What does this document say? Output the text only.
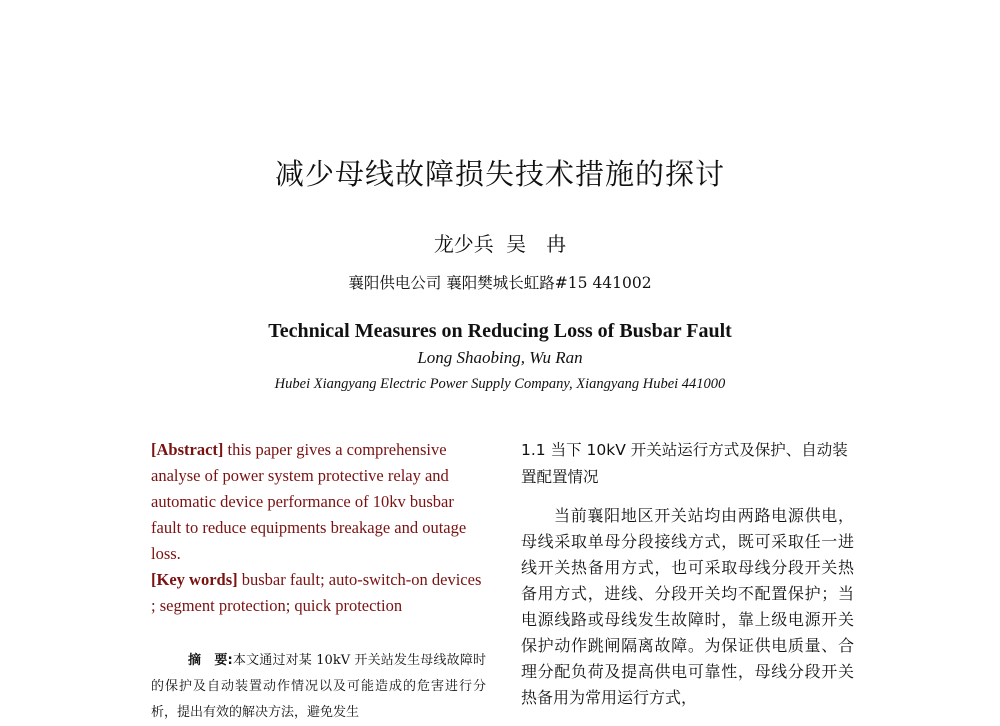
减少母线故障损失技术措施的探讨
龙少兵 吴　冉
襄阳供电公司 襄阳樊城长虹路#15 441002
Technical Measures on Reducing Loss of Busbar Fault
Long Shaobing, Wu Ran
Hubei Xiangyang Electric Power Supply Company, Xiangyang Hubei 441000
[Abstract] this paper gives a comprehensive analyse of power system protective relay and automatic device performance of 10kv busbar fault to reduce equipments breakage and outage loss.
[Key words] busbar fault; auto-switch-on devices ; segment protection; quick protection
摘　要:本文通过对某 10kV 开关站发生母线故障时的保护及自动装置动作情况以及可能造成的危害进行分析，提出有效的解决方法，避免发生
1.1 当下 10kV 开关站运行方式及保护、自动装置配置情况
当前襄阳地区开关站均由两路电源供电，母线采取单母分段接线方式，既可采取任一进线开关热备用方式，也可采取母线分段开关热备用方式，进线、分段开关均不配置保护；当电源线路或母线发生故障时，靠上级电源开关保护动作跳闸隔离故障。为保证供电质量、合理分配负荷及提高供电可靠性，母线分段开关热备用为常用运行方式，
